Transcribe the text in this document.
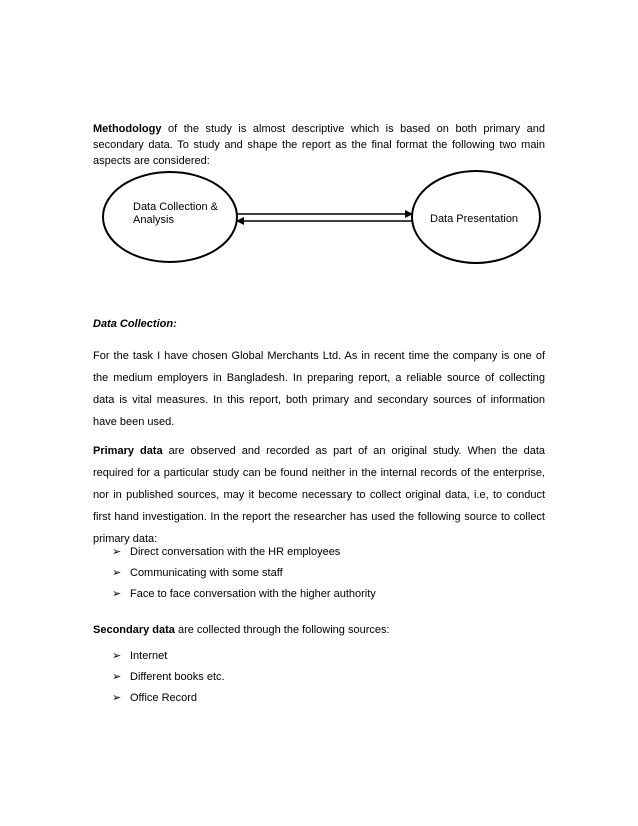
Methodology of the study is almost descriptive which is based on both primary and secondary data. To study and shape the report as the final format the following two main aspects are considered:
Data Collection &
Analysis	Data Presentation
Data Collection:
For the task I have chosen Global Merchants Ltd. As in recent time the company is one of the medium employers in Bangladesh. In preparing report, a reliable source of collecting data is vital measures. In this report, both primary and secondary sources of information have been used.
Primary data are observed and recorded as part of an original study. When the data required for a particular study can be found neither in the internal records of the enterprise, nor in published sources, may it become necessary to collect original data, i.e, to conduct first hand investigation. In the report the researcher has used the following source to collect primary data:
➢ Direct conversation with the HR employees
➢ Communicating with some staff
➢ Face to face conversation with the higher authority
Secondary data are collected through the following sources:
➢ Internet
➢ Different books etc.
➢ Office Record
